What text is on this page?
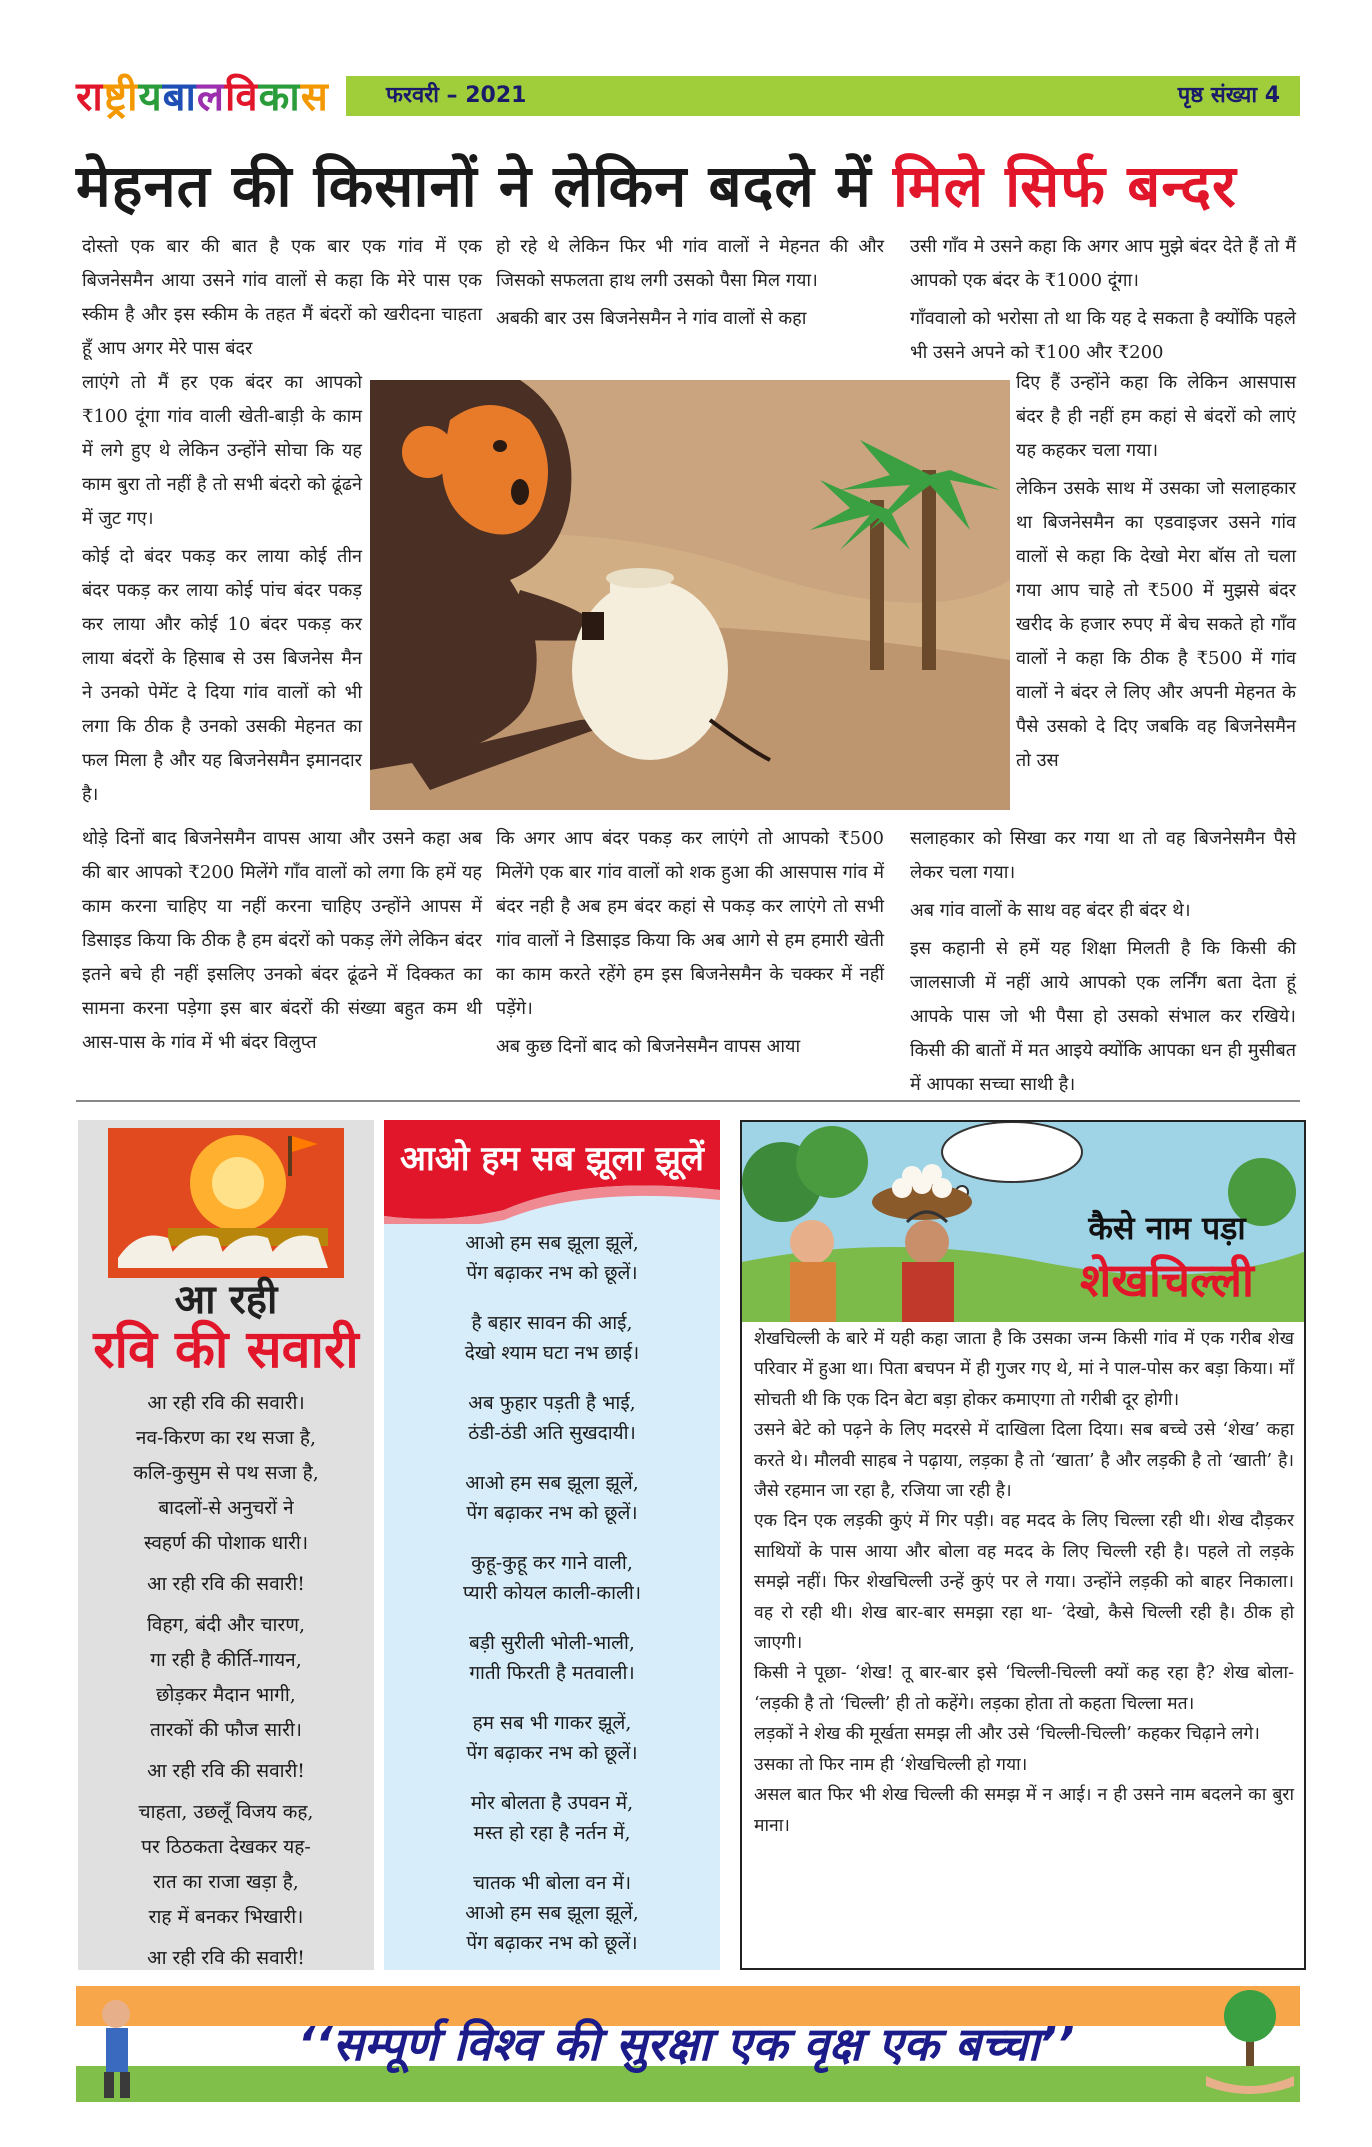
राष्ट्रीयबालविकास	फरवरी – 2021	पृष्ठ संख्या 4
मेहनत की किसानों ने लेकिन बदले में मिले सिर्फ बन्दर

दोस्तो एक बार की बात है एक बार एक गांव में एक बिजनेसमैन आया उसने गांव वालों से कहा कि मेरे पास एक स्कीम है और इस स्कीम के तहत मैं बंदरों को खरीदना चाहता हूँ आप अगर मेरे पास बंदर

लाएंगे तो मैं हर एक बंदर का आपको ₹100 दूंगा गांव वाली खेती-बाड़ी के काम में लगे हुए थे लेकिन उन्होंने सोचा कि यह काम बुरा तो नहीं है तो सभी बंदरो को ढूंढने में जुट गए।

कोई दो बंदर पकड़ कर लाया कोई तीन बंदर पकड़ कर लाया कोई पांच बंदर पकड़ कर लाया और कोई 10 बंदर पकड़ कर लाया बंदरों के हिसाब से उस बिजनेस मैन ने उनको पेमेंट दे दिया गांव वालों को भी लगा कि ठीक है उनको उसकी मेहनत का फल मिला है और यह बिजनेसमैन इमानदार है।

थोड़े दिनों बाद बिजनेसमैन वापस आया और उसने कहा अब की बार आपको ₹200 मिलेंगे गाँव वालों को लगा कि हमें यह काम करना चाहिए या नहीं करना चाहिए उन्होंने आपस में डिसाइड किया कि ठीक है हम बंदरों को पकड़ लेंगे लेकिन बंदर इतने बचे ही नहीं इसलिए उनको बंदर ढूंढने में दिक्कत का सामना करना पड़ेगा इस बार बंदरों की संख्या बहुत कम थी आस-पास के गांव में भी बंदर विलुप्त

हो रहे थे लेकिन फिर भी गांव वालों ने मेहनत की और जिसको सफलता हाथ लगी उसको पैसा मिल गया।

अबकी बार उस बिजनेसमैन ने गांव वालों से कहा

कि अगर आप बंदर पकड़ कर लाएंगे तो आपको ₹500 मिलेंगे एक बार गांव वालों को शक हुआ की आसपास गांव में बंदर नही है अब हम बंदर कहां से पकड़ कर लाएंगे तो सभी गांव वालों ने डिसाइड किया कि अब आगे से हम हमारी खेती का काम करते रहेंगे हम इस बिजनेसमैन के चक्कर में नहीं पड़ेंगे।

अब कुछ दिनों बाद को बिजनेसमैन वापस आया

उसी गाँव मे उसने कहा कि अगर आप मुझे बंदर देते हैं तो मैं आपको एक बंदर के ₹1000 दूंगा।

गाँववालो को भरोसा तो था कि यह दे सकता है क्योंकि पहले भी उसने अपने को ₹100 और ₹200

दिए हैं उन्होंने कहा कि लेकिन आसपास बंदर है ही नहीं हम कहां से बंदरों को लाएं यह कहकर चला गया।

लेकिन उसके साथ में उसका जो सलाहकार था बिजनेसमैन का एडवाइजर उसने गांव वालों से कहा कि देखो मेरा बॉस तो चला गया आप चाहे तो ₹500 में मुझसे बंदर खरीद के हजार रुपए में बेच सकते हो गाँव वालों ने कहा कि ठीक है ₹500 में गांव वालों ने बंदर ले लिए और अपनी मेहनत के पैसे उसको दे दिए जबकि वह बिजनेसमैन तो उस

सलाहकार को सिखा कर गया था तो वह बिजनेसमैन पैसे लेकर चला गया।

अब गांव वालों के साथ वह बंदर ही बंदर थे।

इस कहानी से हमें यह शिक्षा मिलती है कि किसी की जालसाजी में नहीं आये आपको एक लर्निंग बता देता हूं आपके पास जो भी पैसा हो उसको संभाल कर रखिये। किसी की बातों में मत आइये क्योंकि आपका धन ही मुसीबत में आपका सच्चा साथी है।

आ रही
रवि की सवारी
आ रही रवि की सवारी।
नव-किरण का रथ सजा है,
कलि-कुसुम से पथ सजा है,
बादलों-से अनुचरों ने
स्वहर्ण की पोशाक धारी।
आ रही रवि की सवारी!
विहग, बंदी और चारण,
गा रही है कीर्ति-गायन,
छोड़कर मैदान भागी,
तारकों की फौज सारी।
आ रही रवि की सवारी!
चाहता, उछलूँ विजय कह,
पर ठिठकता देखकर यह-
रात का राजा खड़ा है,
राह में बनकर भिखारी।
आ रही रवि की सवारी!
आओ हम सब झूला झूलें
आओ हम सब झूला झूलें,
पेंग बढ़ाकर नभ को छूलें।
है बहार सावन की आई,
देखो श्याम घटा नभ छाई।
अब फुहार पड़ती है भाई,
ठंडी-ठंडी अति सुखदायी।
आओ हम सब झूला झूलें,
पेंग बढ़ाकर नभ को छूलें।
कुहू-कुहू कर गाने वाली,
प्यारी कोयल काली-काली।
बड़ी सुरीली भोली-भाली,
गाती फिरती है मतवाली।
हम सब भी गाकर झूलें,
पेंग बढ़ाकर नभ को छूलें।
मोर बोलता है उपवन में,
मस्त हो रहा है नर्तन में,
चातक भी बोला वन में।
आओ हम सब झूला झूलें,
पेंग बढ़ाकर नभ को छूलें।
कैसे नाम पड़ा
शेखचिल्ली

शेखचिल्ली के बारे में यही कहा जाता है कि उसका जन्म किसी गांव में एक गरीब शेख परिवार में हुआ था। पिता बचपन में ही गुजर गए थे, मां ने पाल-पोस कर बड़ा किया। माँ सोचती थी कि एक दिन बेटा बड़ा होकर कमाएगा तो गरीबी दूर होगी।

उसने बेटे को पढ़ने के लिए मदरसे में दाखिला दिला दिया। सब बच्चे उसे ‘शेख’ कहा करते थे। मौलवी साहब ने पढ़ाया, लड़का है तो ‘खाता’ है और लड़की है तो ‘खाती’ है। जैसे रहमान जा रहा है, रजिया जा रही है।

एक दिन एक लड़की कुएं में गिर पड़ी। वह मदद के लिए चिल्ला रही थी। शेख दौड़कर साथियों के पास आया और बोला वह मदद के लिए चिल्ली रही है। पहले तो लड़के समझे नहीं। फिर शेखचिल्ली उन्हें कुएं पर ले गया। उन्होंने लड़की को बाहर निकाला। वह रो रही थी। शेख बार-बार समझा रहा था- ‘देखो, कैसे चिल्ली रही है। ठीक हो जाएगी।

किसी ने पूछा- ‘शेख! तू बार-बार इसे ‘चिल्ली-चिल्ली क्यों कह रहा है? शेख बोला- ‘लड़की है तो ‘चिल्ली’ ही तो कहेंगे। लड़का होता तो कहता चिल्ला मत।

लड़कों ने शेख की मूर्खता समझ ली और उसे ‘चिल्ली-चिल्ली’ कहकर चिढ़ाने लगे।

उसका तो फिर नाम ही ‘शेखचिल्ली हो गया।

असल बात फिर भी शेख चिल्ली की समझ में न आई। न ही उसने नाम बदलने का बुरा माना।

‘‘सम्पूर्ण विश्व की सुरक्षा एक वृक्ष एक बच्चा’’
